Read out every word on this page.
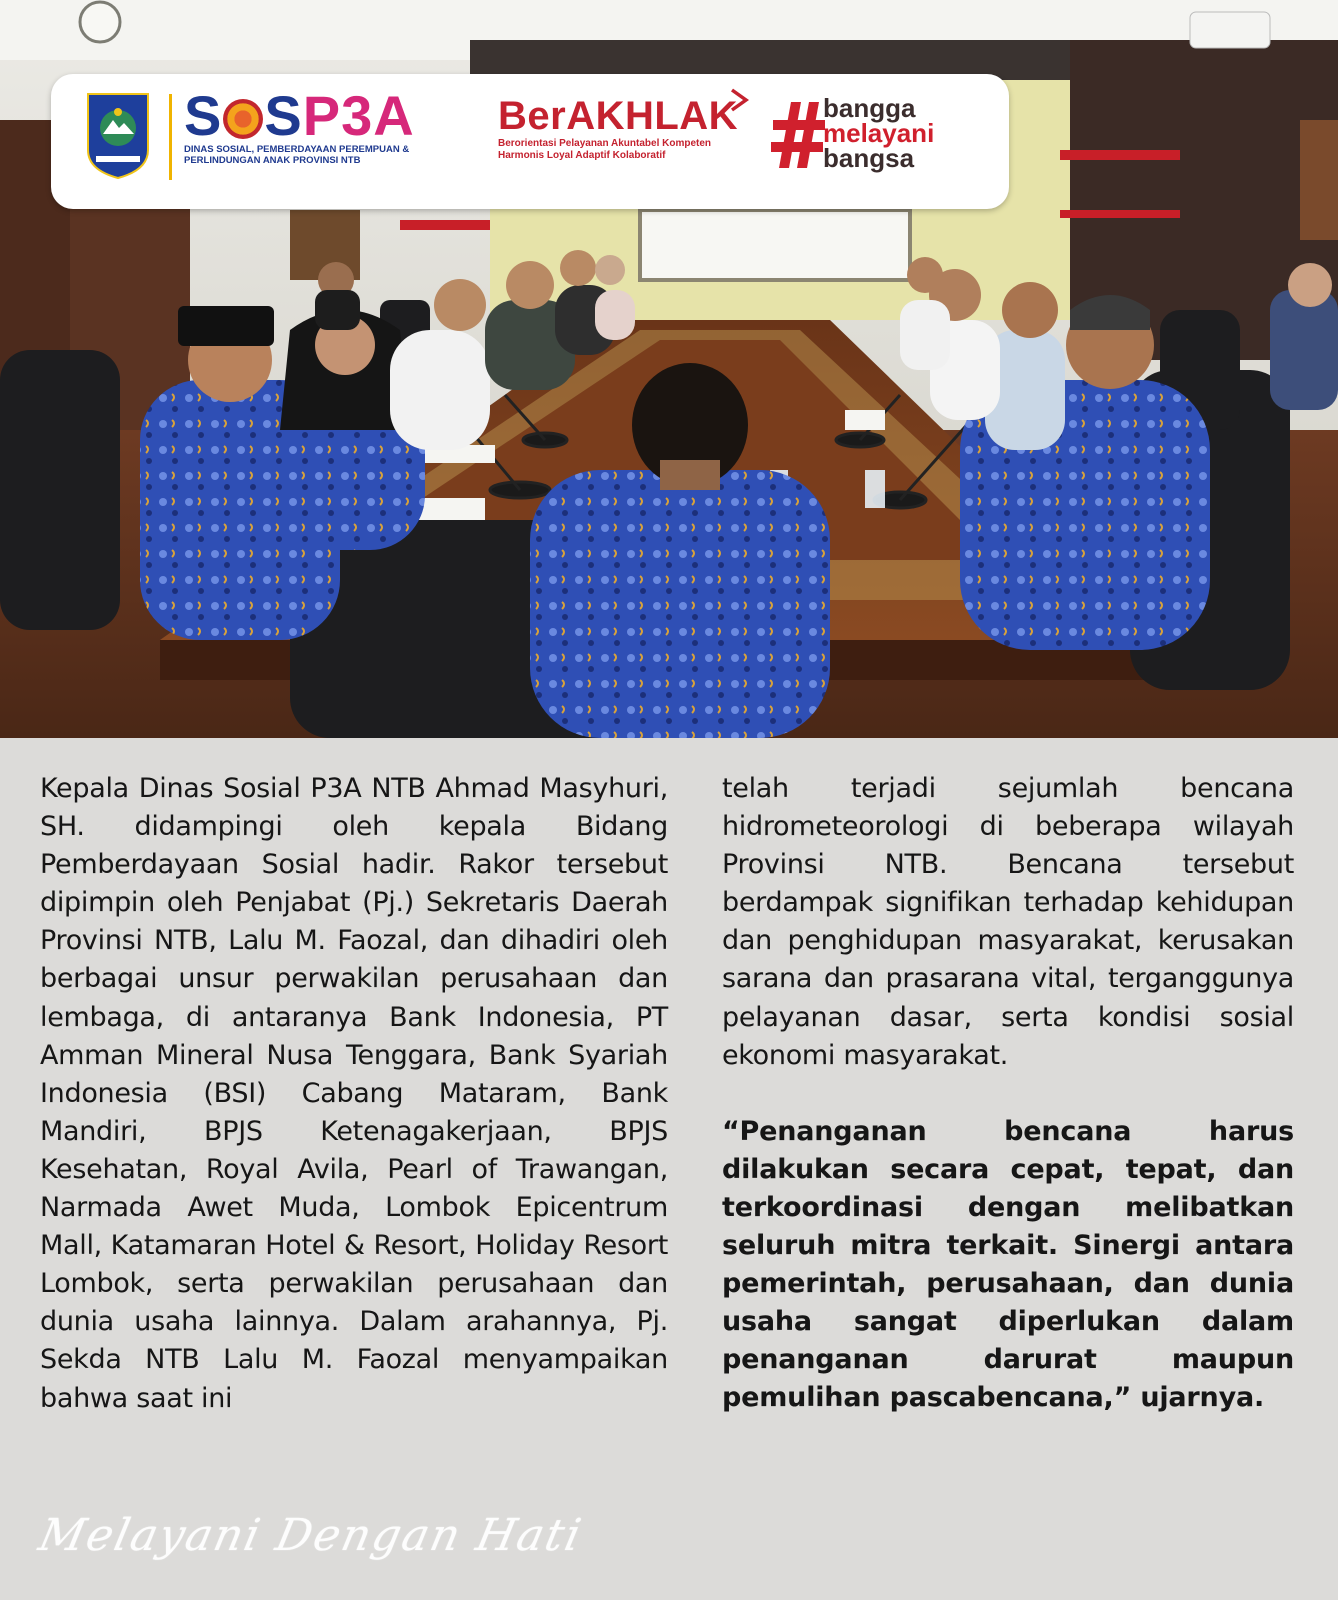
S SP3A
DINAS SOSIAL, PEMBERDAYAAN PEREMPUAN & PERLINDUNGAN ANAK PROVINSI NTB
BerAKHLAK
Berorientasi Pelayanan Akuntabel Kompeten
Harmonis Loyal Adaptif Kolaboratif
bangga
melayani
bangsa

Kepala Dinas Sosial P3A NTB Ahmad Masyhuri, SH. didampingi oleh kepala Bidang Pemberdayaan Sosial hadir. Rakor tersebut dipimpin oleh Penjabat (Pj.) Sekretaris Daerah Provinsi NTB, Lalu M. Faozal, dan dihadiri oleh berbagai unsur perwakilan perusahaan dan lembaga, di antaranya Bank Indonesia, PT Amman Mineral Nusa Tenggara, Bank Syariah Indonesia (BSI) Cabang Mataram, Bank Mandiri, BPJS Ketenagakerjaan, BPJS Kesehatan, Royal Avila, Pearl of Trawangan, Narmada Awet Muda, Lombok Epicentrum Mall, Katamaran Hotel & Resort, Holiday Resort Lombok, serta perwakilan perusahaan dan dunia usaha lainnya. Dalam arahannya, Pj. Sekda NTB Lalu M. Faozal menyampaikan bahwa saat ini

telah terjadi sejumlah bencana hidrometeorologi di beberapa wilayah Provinsi NTB. Bencana tersebut berdampak signifikan terhadap kehidupan dan penghidupan masyarakat, kerusakan sarana dan prasarana vital, terganggunya pelayanan dasar, serta kondisi sosial ekonomi masyarakat.

“Penanganan bencana harus dilakukan secara cepat, tepat, dan terkoordinasi dengan melibatkan seluruh mitra terkait. Sinergi antara pemerintah, perusahaan, dan dunia usaha sangat diperlukan dalam penanganan darurat maupun pemulihan pascabencana,” ujarnya.

Melayani Dengan Hati
